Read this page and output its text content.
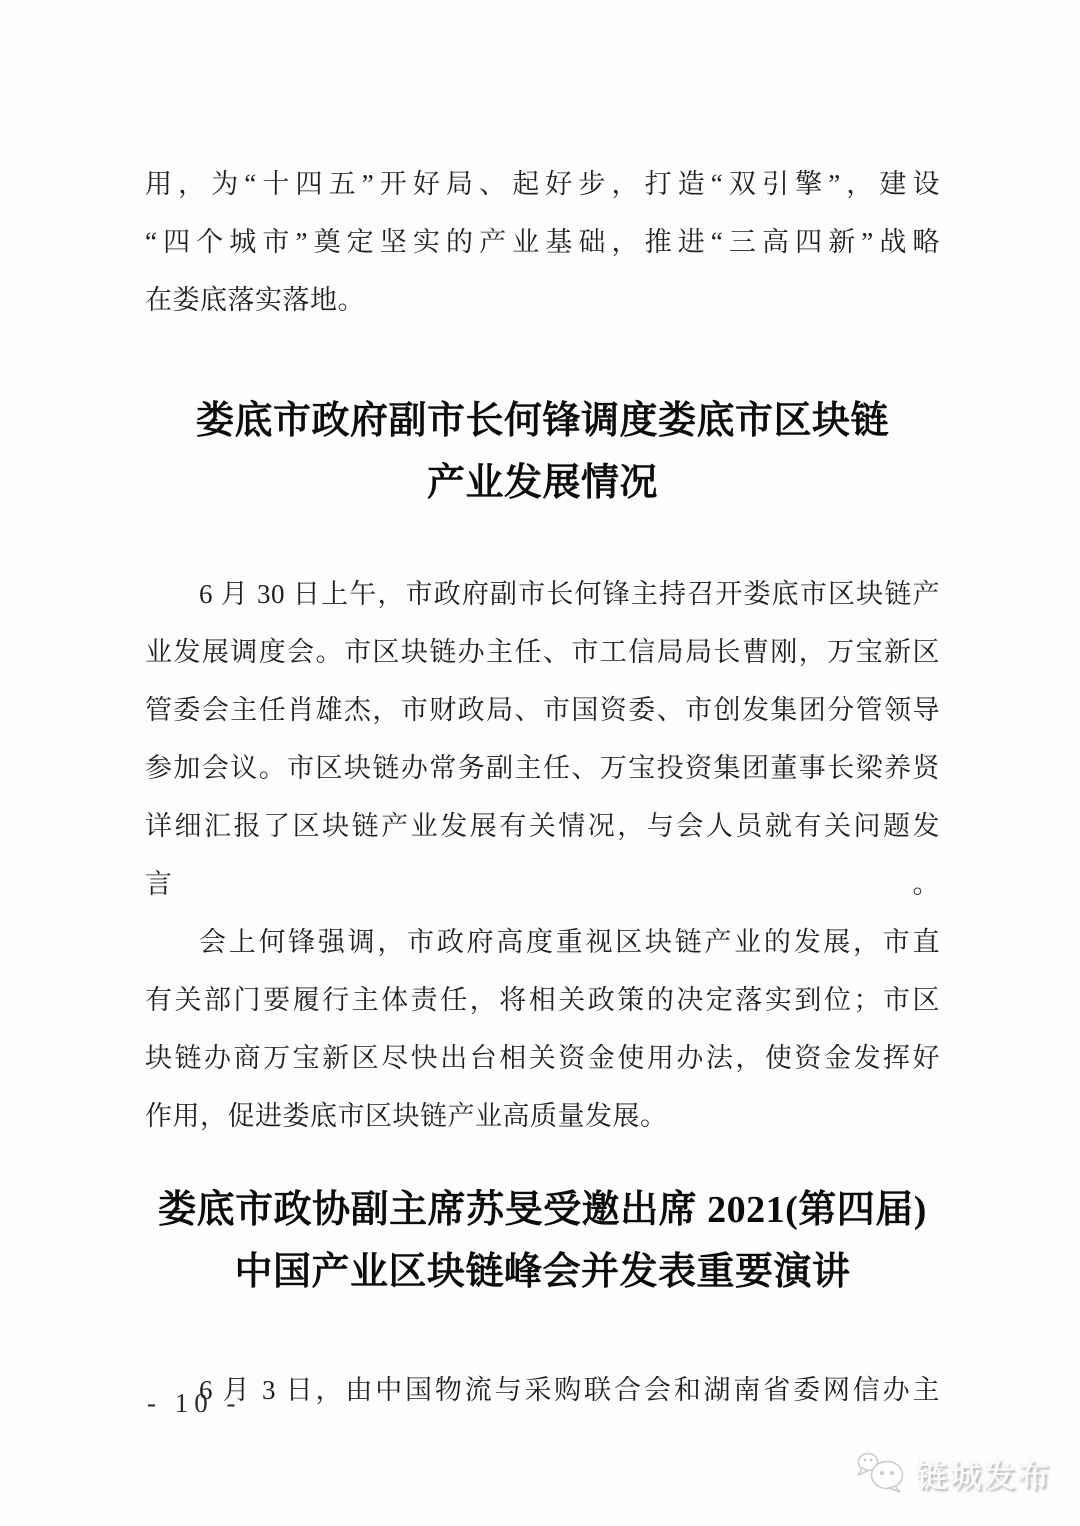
用，为“十四五”开好局、起好步，打造“双引擎”，建设
“四个城市”奠定坚实的产业基础，推进“三高四新”战略
在娄底落实落地。
娄底市政府副市长何锋调度娄底市区块链
产业发展情况
6 月 30 日上午，市政府副市长何锋主持召开娄底市区块链产
业发展调度会。市区块链办主任、市工信局局长曹刚，万宝新区
管委会主任肖雄杰，市财政局、市国资委、市创发集团分管领导
参加会议。市区块链办常务副主任、万宝投资集团董事长梁养贤
详细汇报了区块链产业发展有关情况，与会人员就有关问题发言。
会上何锋强调，市政府高度重视区块链产业的发展，市直
有关部门要履行主体责任，将相关政策的决定落实到位；市区
块链办商万宝新区尽快出台相关资金使用办法，使资金发挥好
作用，促进娄底市区块链产业高质量发展。
娄底市政协副主席苏旻受邀出席 2021(第四届)
中国产业区块链峰会并发表重要演讲
6 月 3 日，由中国物流与采购联合会和湖南省委网信办主
- 10 -
链城发布
